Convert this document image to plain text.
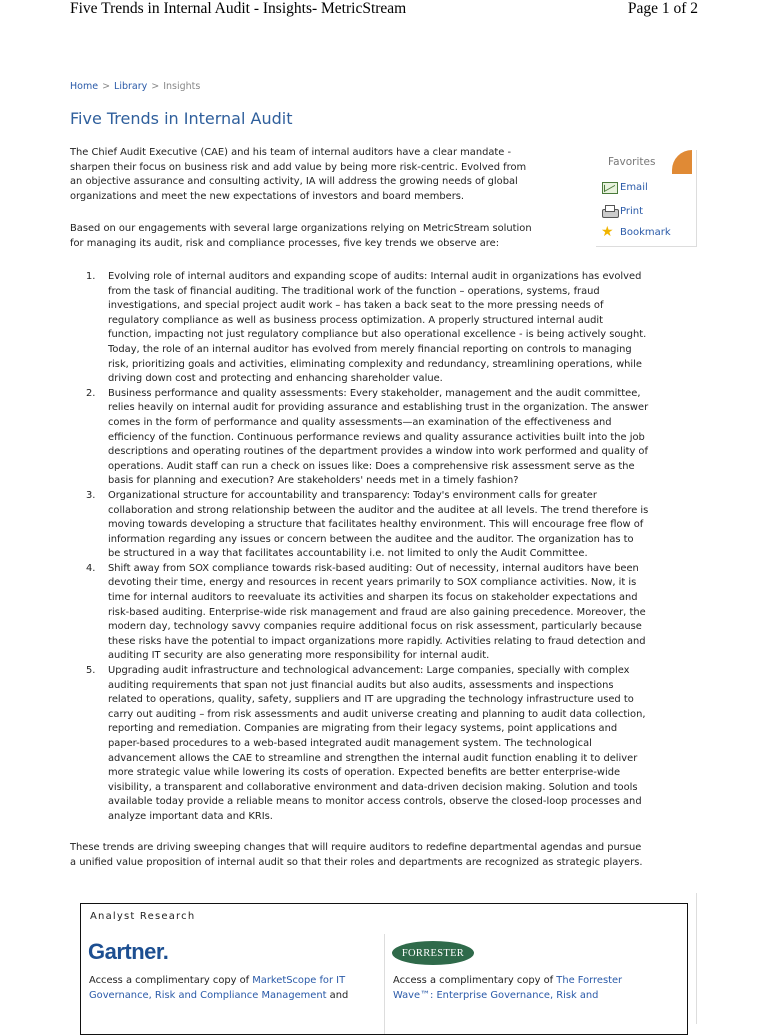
Five Trends in Internal Audit - Insights- MetricStream	Page 1 of 2
Home > Library > Insights
Five Trends in Internal Audit
The Chief Audit Executive (CAE) and his team of internal auditors have a clear mandate -
sharpen their focus on business risk and add value by being more risk-centric. Evolved from
an objective assurance and consulting activity, IA will address the growing needs of global
organizations and meet the new expectations of investors and board members.
Based on our engagements with several large organizations relying on MetricStream solution
for managing its audit, risk and compliance processes, five key trends we observe are:
Favorites
Email
Print
★ Bookmark
1. Evolving role of internal auditors and expanding scope of audits: Internal audit in organizations has evolved
from the task of financial auditing. The traditional work of the function – operations, systems, fraud
investigations, and special project audit work – has taken a back seat to the more pressing needs of
regulatory compliance as well as business process optimization. A properly structured internal audit
function, impacting not just regulatory compliance but also operational excellence - is being actively sought.
Today, the role of an internal auditor has evolved from merely financial reporting on controls to managing
risk, prioritizing goals and activities, eliminating complexity and redundancy, streamlining operations, while
driving down cost and protecting and enhancing shareholder value.
2. Business performance and quality assessments: Every stakeholder, management and the audit committee,
relies heavily on internal audit for providing assurance and establishing trust in the organization. The answer
comes in the form of performance and quality assessments—an examination of the effectiveness and
efficiency of the function. Continuous performance reviews and quality assurance activities built into the job
descriptions and operating routines of the department provides a window into work performed and quality of
operations. Audit staff can run a check on issues like: Does a comprehensive risk assessment serve as the
basis for planning and execution? Are stakeholders' needs met in a timely fashion?
3. Organizational structure for accountability and transparency: Today's environment calls for greater
collaboration and strong relationship between the auditor and the auditee at all levels. The trend therefore is
moving towards developing a structure that facilitates healthy environment. This will encourage free flow of
information regarding any issues or concern between the auditee and the auditor. The organization has to
be structured in a way that facilitates accountability i.e. not limited to only the Audit Committee.
4. Shift away from SOX compliance towards risk-based auditing: Out of necessity, internal auditors have been
devoting their time, energy and resources in recent years primarily to SOX compliance activities. Now, it is
time for internal auditors to reevaluate its activities and sharpen its focus on stakeholder expectations and
risk-based auditing. Enterprise-wide risk management and fraud are also gaining precedence. Moreover, the
modern day, technology savvy companies require additional focus on risk assessment, particularly because
these risks have the potential to impact organizations more rapidly. Activities relating to fraud detection and
auditing IT security are also generating more responsibility for internal audit.
5. Upgrading audit infrastructure and technological advancement: Large companies, specially with complex
auditing requirements that span not just financial audits but also audits, assessments and inspections
related to operations, quality, safety, suppliers and IT are upgrading the technology infrastructure used to
carry out auditing – from risk assessments and audit universe creating and planning to audit data collection,
reporting and remediation. Companies are migrating from their legacy systems, point applications and
paper-based procedures to a web-based integrated audit management system. The technological
advancement allows the CAE to streamline and strengthen the internal audit function enabling it to deliver
more strategic value while lowering its costs of operation. Expected benefits are better enterprise-wide
visibility, a transparent and collaborative environment and data-driven decision making. Solution and tools
available today provide a reliable means to monitor access controls, observe the closed-loop processes and
analyze important data and KRIs.
These trends are driving sweeping changes that will require auditors to redefine departmental agendas and pursue
a unified value proposition of internal audit so that their roles and departments are recognized as strategic players.
Analyst Research
Gartner.	FORRESTER
Access a complimentary copy of MarketScope for IT
Governance, Risk and Compliance Management and
Access a complimentary copy of The Forrester
Wave™: Enterprise Governance, Risk and
